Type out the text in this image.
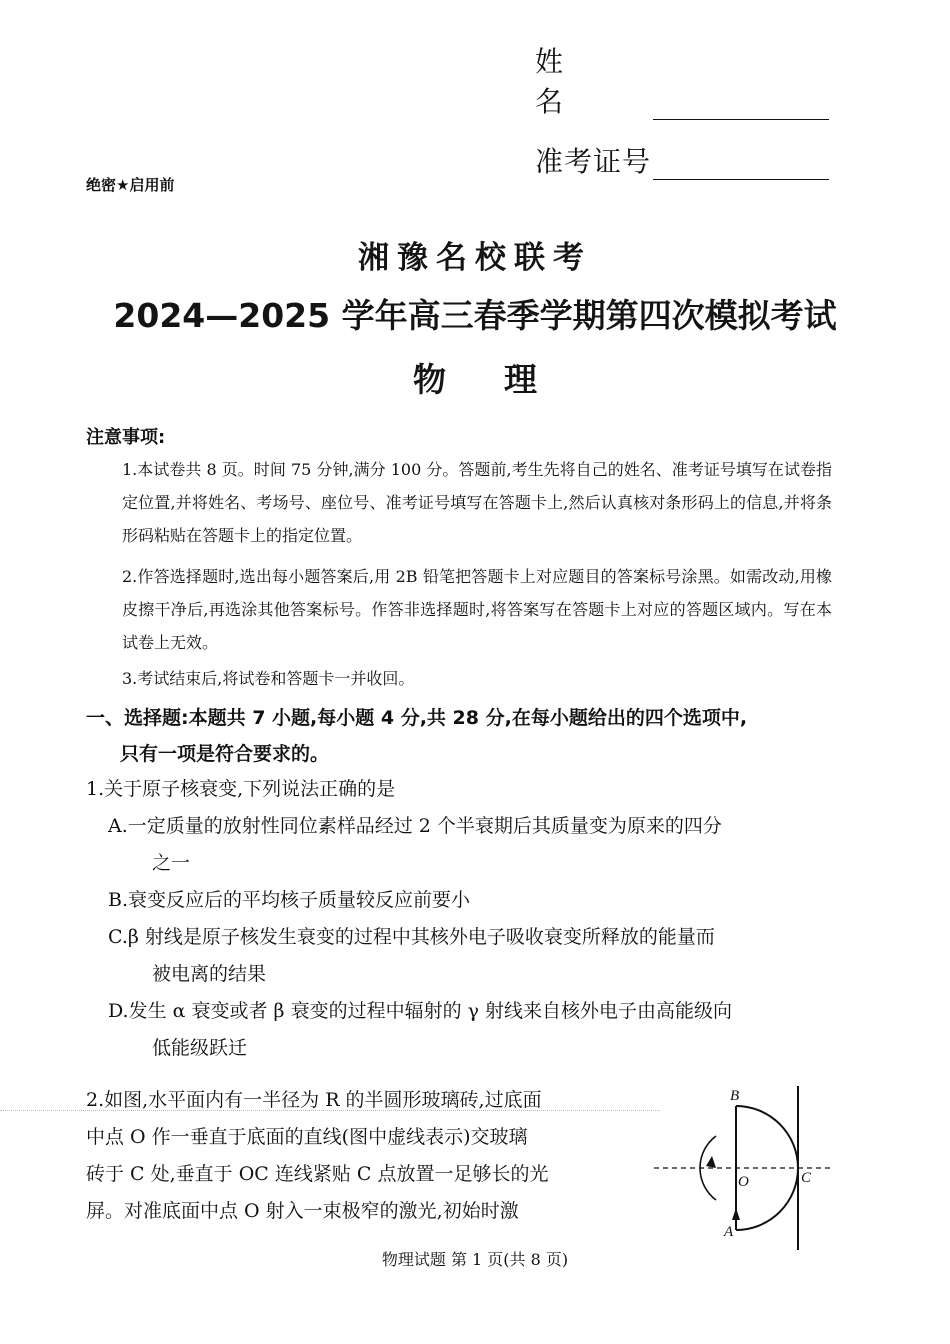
姓 名
准考证号
绝密★启用前
湘豫名校联考
2024—2025 学年高三春季学期第四次模拟考试
物理
注意事项:

1.本试卷共 8 页。时间 75 分钟,满分 100 分。答题前,考生先将自己的姓名、准考证号填写在试卷指定位置,并将姓名、考场号、座位号、准考证号填写在答题卡上,然后认真核对条形码上的信息,并将条形码粘贴在答题卡上的指定位置。

2.作答选择题时,选出每小题答案后,用 2B 铅笔把答题卡上对应题目的答案标号涂黑。如需改动,用橡皮擦干净后,再选涂其他答案标号。作答非选择题时,将答案写在答题卡上对应的答题区域内。写在本试卷上无效。

3.考试结束后,将试卷和答题卡一并收回。

一、选择题:本题共 7 小题,每小题 4 分,共 28 分,在每小题给出的四个选项中,
只有一项是符合要求的。
1.关于原子核衰变,下列说法正确的是
A.一定质量的放射性同位素样品经过 2 个半衰期后其质量变为原来的四分
之一
B.衰变反应后的平均核子质量较反应前要小
C.β 射线是原子核发生衰变的过程中其核外电子吸收衰变所释放的能量而
被电离的结果
D.发生 α 衰变或者 β 衰变的过程中辐射的 γ 射线来自核外电子由高能级向
低能级跃迁
2.如图,水平面内有一半径为 R 的半圆形玻璃砖,过底面
中点 O 作一垂直于底面的直线(图中虚线表示)交玻璃
砖于 C 处,垂直于 OC 连线紧贴 C 点放置一足够长的光
屏。对准底面中点 O 射入一束极窄的激光,初始时激
B
O	C
A
物理试题 第 1 页(共 8 页)
